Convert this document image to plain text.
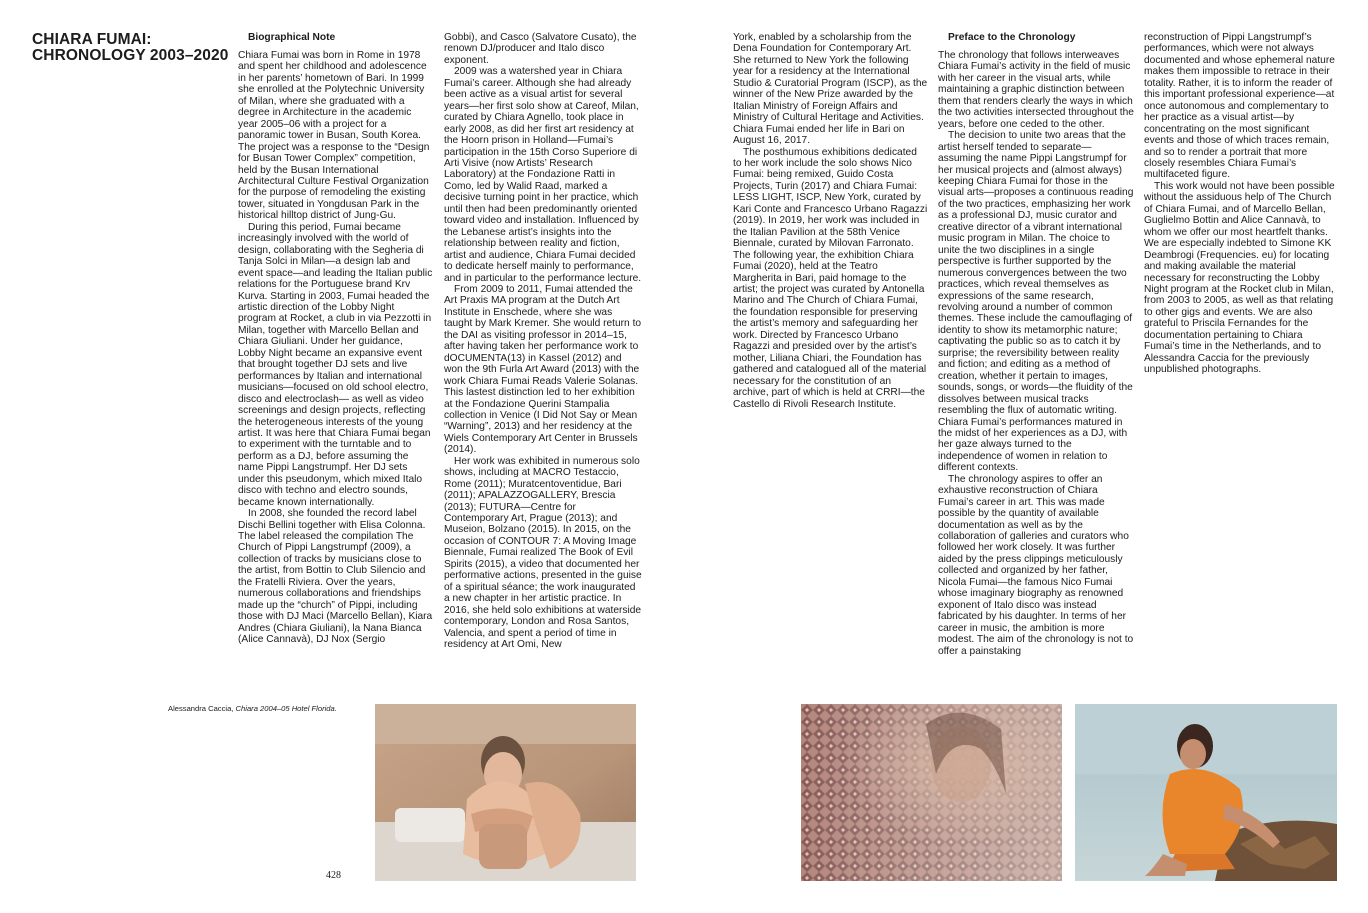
CHIARA FUMAI:
CHRONOLOGY 2003–2020
Biographical Note

Chiara Fumai was born in Rome in 1978 and spent her childhood and adolescence in her parents’ hometown of Bari. In 1999 she enrolled at the Polytechnic University of Milan, where she graduated with a degree in Architecture in the academic year 2005–06 with a project for a panoramic tower in Busan, South Korea. The project was a response to the “Design for Busan Tower Complex” competition, held by the Busan International Architectural Culture Festival Organization for the purpose of remodeling the existing tower, situated in Yongdusan Park in the historical hilltop district of Jung-Gu.

During this period, Fumai became increasingly involved with the world of design, collaborating with the Segheria di Tanja Solci in Milan—a design lab and event space—and leading the Italian public relations for the Portuguese brand Krv Kurva. Starting in 2003, Fumai headed the artistic direction of the Lobby Night program at Rocket, a club in via Pezzotti in Milan, together with Marcello Bellan and Chiara Giuliani. Under her guidance, Lobby Night became an expansive event that brought together DJ sets and live performances by Italian and international musicians—focused on old school electro, disco and electroclash— as well as video screenings and design projects, reflecting the heterogeneous interests of the young artist. It was here that Chiara Fumai began to experiment with the turntable and to perform as a DJ, before assuming the name Pippi Langstrumpf. Her DJ sets under this pseudonym, which mixed Italo disco with techno and electro sounds, became known internationally.

In 2008, she founded the record label Dischi Bellini together with Elisa Colonna. The label released the compilation The Church of Pippi Langstrumpf (2009), a collection of tracks by musicians close to the artist, from Bottin to Club Silencio and the Fratelli Riviera. Over the years, numerous collaborations and friendships made up the “church” of Pippi, including those with DJ Maci (Marcello Bellan), Kiara Andres (Chiara Giuliani), la Nana Bianca (Alice Cannavà), DJ Nox (Sergio

Gobbi), and Casco (Salvatore Cusato), the renown DJ/producer and Italo disco exponent.

2009 was a watershed year in Chiara Fumai’s career. Although she had already been active as a visual artist for several years—her first solo show at Careof, Milan, curated by Chiara Agnello, took place in early 2008, as did her first art residency at the Hoorn prison in Holland—Fumai’s participation in the 15th Corso Superiore di Arti Visive (now Artists’ Research Laboratory) at the Fondazione Ratti in Como, led by Walid Raad, marked a decisive turning point in her practice, which until then had been predominantly oriented toward video and installation. Influenced by the Lebanese artist’s insights into the relationship between reality and fiction, artist and audience, Chiara Fumai decided to dedicate herself mainly to performance, and in particular to the performance lecture.

From 2009 to 2011, Fumai attended the Art Praxis MA program at the Dutch Art Institute in Enschede, where she was taught by Mark Kremer. She would return to the DAI as visiting professor in 2014–15, after having taken her performance work to dOCUMENTA(13) in Kassel (2012) and won the 9th Furla Art Award (2013) with the work Chiara Fumai Reads Valerie Solanas. This lastest distinction led to her exhibition at the Fondazione Querini Stampalia collection in Venice (I Did Not Say or Mean “Warning”, 2013) and her residency at the Wiels Contemporary Art Center in Brussels (2014).

Her work was exhibited in numerous solo shows, including at MACRO Testaccio, Rome (2011); Muratcentoventidue, Bari (2011); APALAZZOGALLERY, Brescia (2013); FUTURA—Centre for Contemporary Art, Prague (2013); and Museion, Bolzano (2015). In 2015, on the occasion of CONTOUR 7: A Moving Image Biennale, Fumai realized The Book of Evil Spirits (2015), a video that documented her performative actions, presented in the guise of a spiritual séance; the work inaugurated a new chapter in her artistic practice. In 2016, she held solo exhibitions at waterside contemporary, London and Rosa Santos, Valencia, and spent a period of time in residency at Art Omi, New

York, enabled by a scholarship from the Dena Foundation for Contemporary Art. She returned to New York the following year for a residency at the International Studio & Curatorial Program (ISCP), as the winner of the New Prize awarded by the Italian Ministry of Foreign Affairs and Ministry of Cultural Heritage and Activities. Chiara Fumai ended her life in Bari on August 16, 2017.

The posthumous exhibitions dedicated to her work include the solo shows Nico Fumai: being remixed, Guido Costa Projects, Turin (2017) and Chiara Fumai: LESS LIGHT, ISCP, New York, curated by Kari Conte and Francesco Urbano Ragazzi (2019). In 2019, her work was included in the Italian Pavilion at the 58th Venice Biennale, curated by Milovan Farronato. The following year, the exhibition Chiara Fumai (2020), held at the Teatro Margherita in Bari, paid homage to the artist; the project was curated by Antonella Marino and The Church of Chiara Fumai, the foundation responsible for preserving the artist’s memory and safeguarding her work. Directed by Francesco Urbano Ragazzi and presided over by the artist’s mother, Liliana Chiari, the Foundation has gathered and catalogued all of the material necessary for the constitution of an archive, part of which is held at CRRI—the Castello di Rivoli Research Institute.

Preface to the Chronology

The chronology that follows interweaves Chiara Fumai’s activity in the field of music with her career in the visual arts, while maintaining a graphic distinction between them that renders clearly the ways in which the two activities intersected throughout the years, before one ceded to the other.

The decision to unite two areas that the artist herself tended to separate— assuming the name Pippi Langstrumpf for her musical projects and (almost always) keeping Chiara Fumai for those in the visual arts—proposes a continuous reading of the two practices, emphasizing her work as a professional DJ, music curator and creative director of a vibrant international music program in Milan. The choice to unite the two disciplines in a single perspective is further supported by the numerous convergences between the two practices, which reveal themselves as expressions of the same research, revolving around a number of common themes. These include the camouflaging of identity to show its metamorphic nature; captivating the public so as to catch it by surprise; the reversibility between reality and fiction; and editing as a method of creation, whether it pertain to images, sounds, songs, or words—the fluidity of the dissolves between musical tracks resembling the flux of automatic writing. Chiara Fumai’s performances matured in the midst of her experiences as a DJ, with her gaze always turned to the independence of women in relation to different contexts.

The chronology aspires to offer an exhaustive reconstruction of Chiara Fumai’s career in art. This was made possible by the quantity of available documentation as well as by the collaboration of galleries and curators who followed her work closely. It was further aided by the press clippings meticulously collected and organized by her father, Nicola Fumai—the famous Nico Fumai whose imaginary biography as renowned exponent of Italo disco was instead fabricated by his daughter. In terms of her career in music, the ambition is more modest. The aim of the chronology is not to offer a painstaking

reconstruction of Pippi Langstrumpf’s performances, which were not always documented and whose ephemeral nature makes them impossible to retrace in their totality. Rather, it is to inform the reader of this important professional experience—at once autonomous and complementary to her practice as a visual artist—by concentrating on the most significant events and those of which traces remain, and so to render a portrait that more closely resembles Chiara Fumai’s multifaceted figure.

This work would not have been possible without the assiduous help of The Church of Chiara Fumai, and of Marcello Bellan, Guglielmo Bottin and Alice Cannavà, to whom we offer our most heartfelt thanks. We are especially indebted to Simone KK Deambrogi (Frequencies. eu) for locating and making available the material necessary for reconstructing the Lobby Night program at the Rocket club in Milan, from 2003 to 2005, as well as that relating to other gigs and events. We are also grateful to Priscila Fernandes for the documentation pertaining to Chiara Fumai’s time in the Netherlands, and to Alessandra Caccia for the previously unpublished photographs.

Alessandra Caccia, Chiara 2004–05 Hotel Florida.
428
